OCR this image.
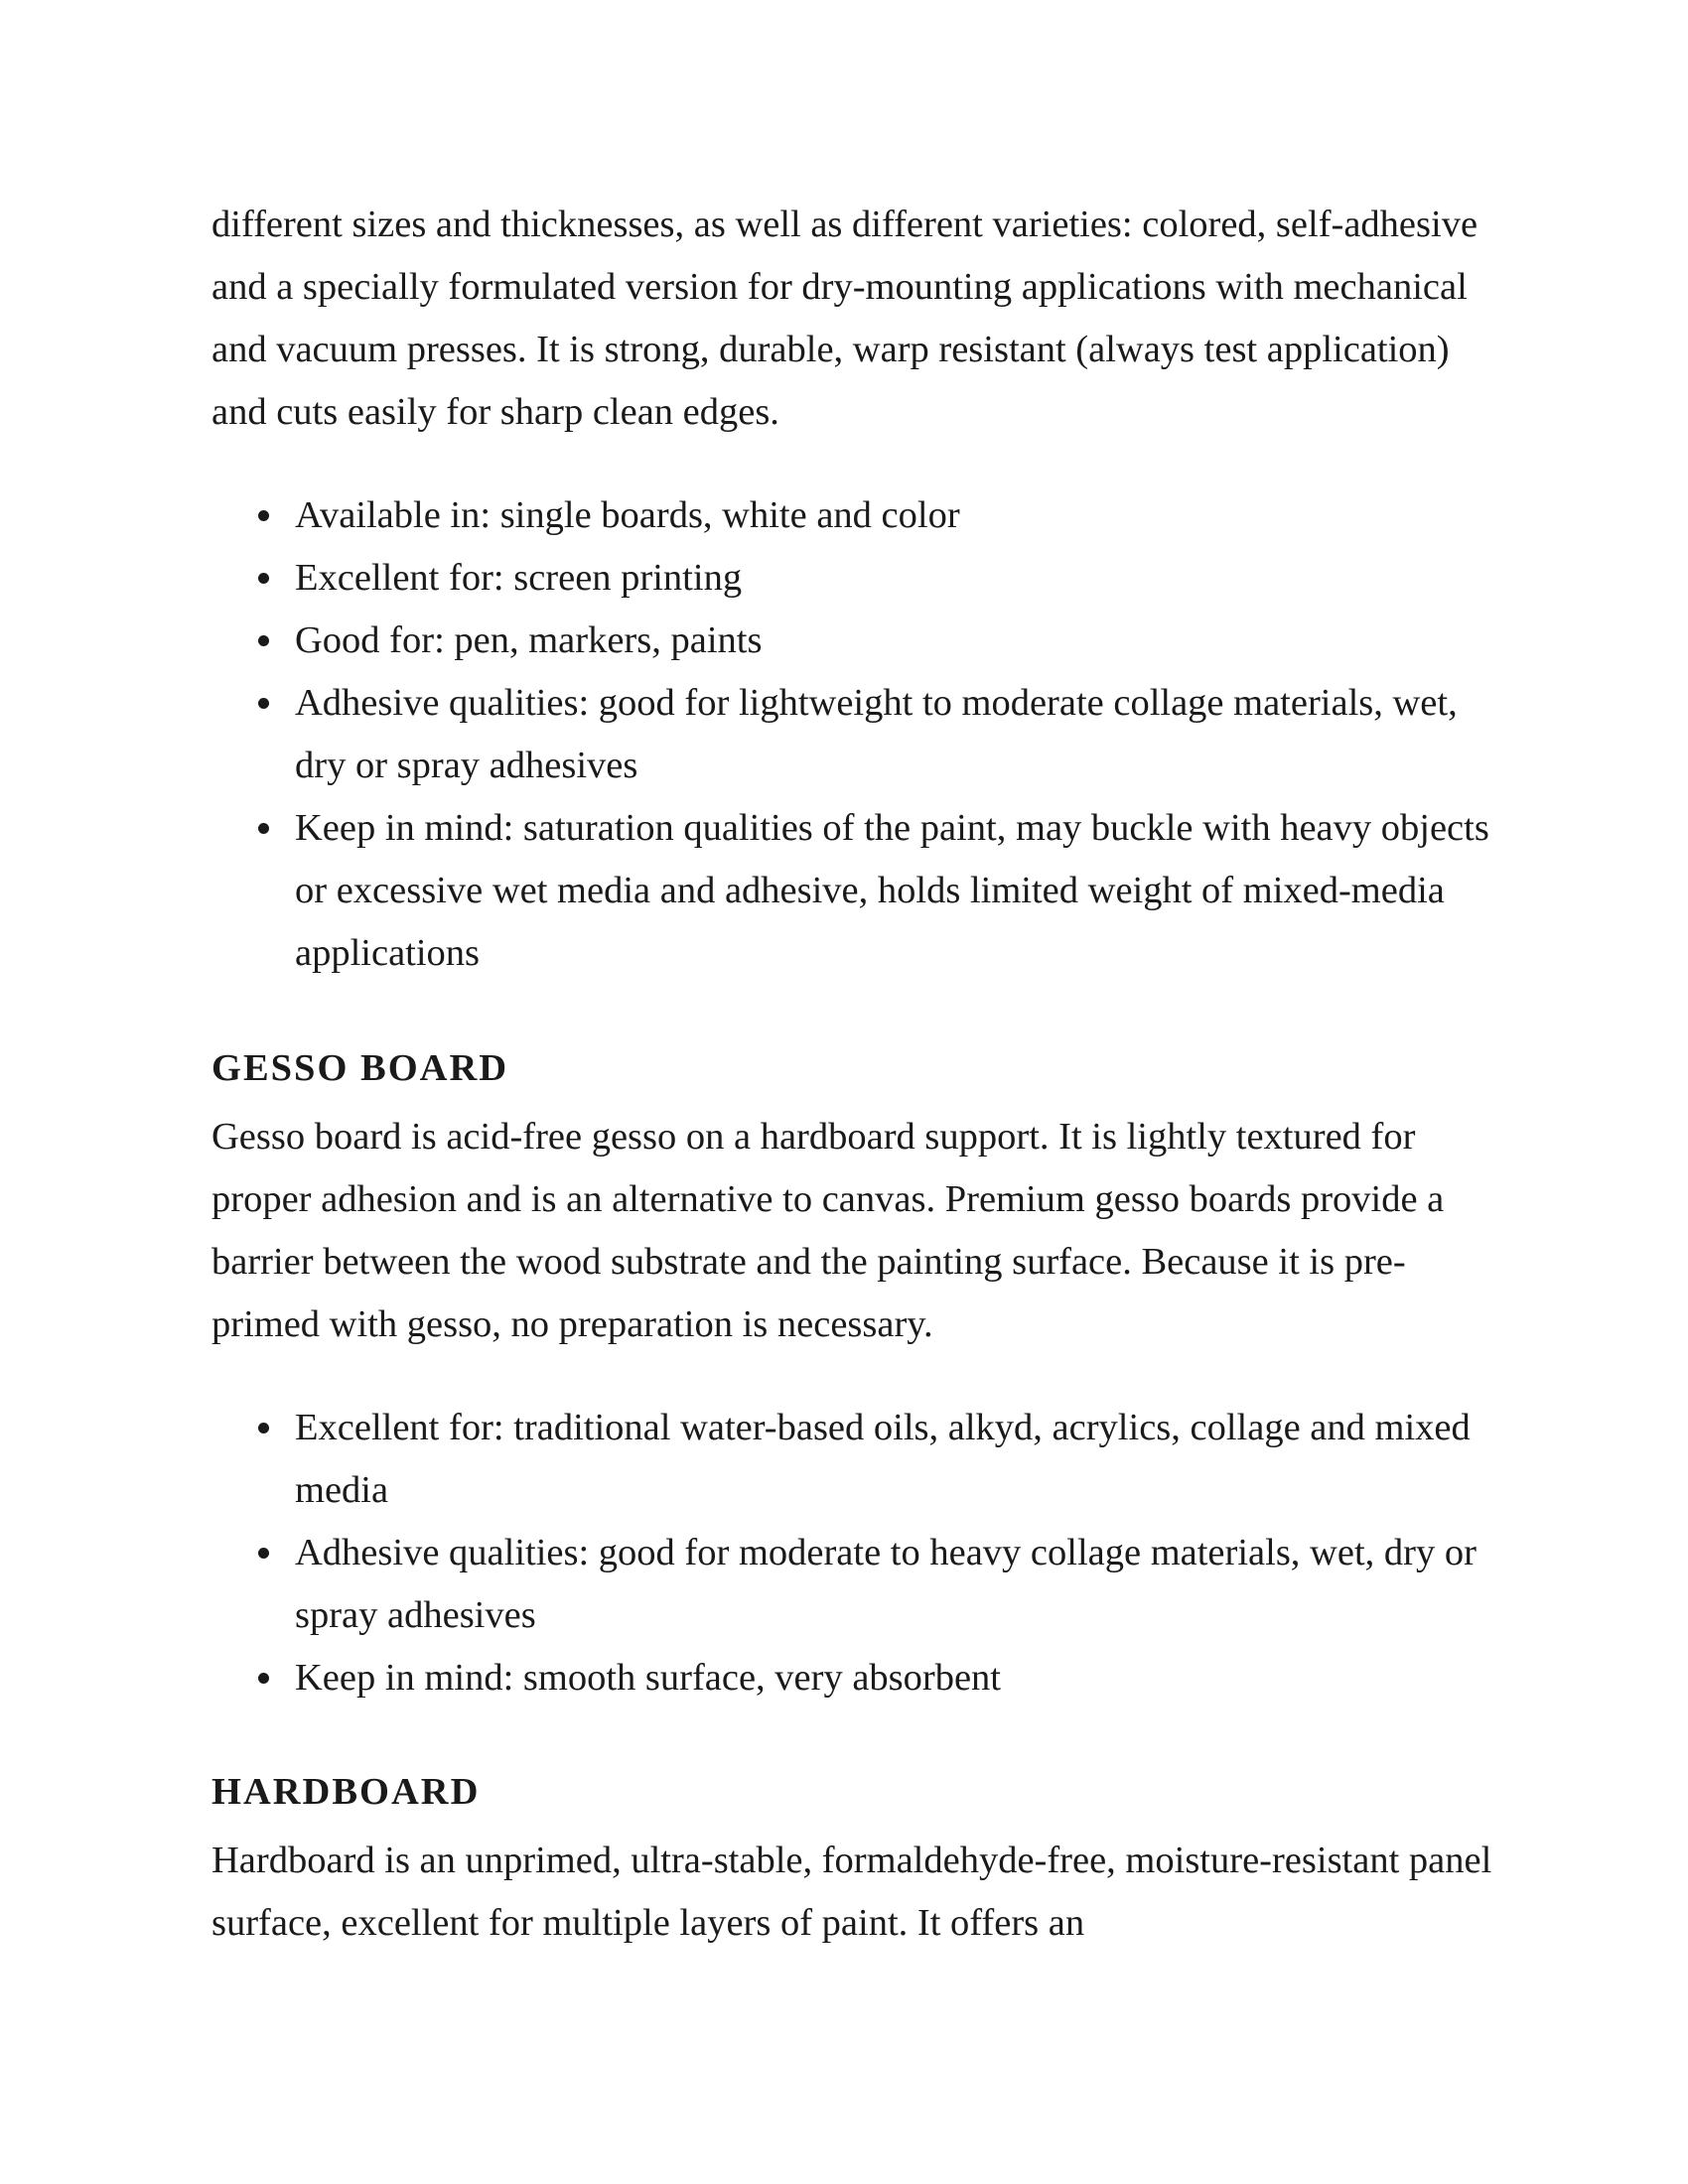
different sizes and thicknesses, as well as different varieties: colored, self-adhesive and a specially formulated version for dry-mounting applications with mechanical and vacuum presses. It is strong, durable, warp resistant (always test application) and cuts easily for sharp clean edges.

Available in: single boards, white and color
Excellent for: screen printing
Good for: pen, markers, paints
Adhesive qualities: good for lightweight to moderate collage materials, wet, dry or spray adhesives
Keep in mind: saturation qualities of the paint, may buckle with heavy objects or excessive wet media and adhesive, holds limited weight of mixed-media applications
GESSO BOARD

Gesso board is acid-free gesso on a hardboard support. It is lightly textured for proper adhesion and is an alternative to canvas. Premium gesso boards provide a barrier between the wood substrate and the painting surface. Because it is pre-primed with gesso, no preparation is necessary.

Excellent for: traditional water-based oils, alkyd, acrylics, collage and mixed media
Adhesive qualities: good for moderate to heavy collage materials, wet, dry or spray adhesives
Keep in mind: smooth surface, very absorbent
HARDBOARD

Hardboard is an unprimed, ultra-stable, formaldehyde-free, moisture-resistant panel surface, excellent for multiple layers of paint. It offers an
